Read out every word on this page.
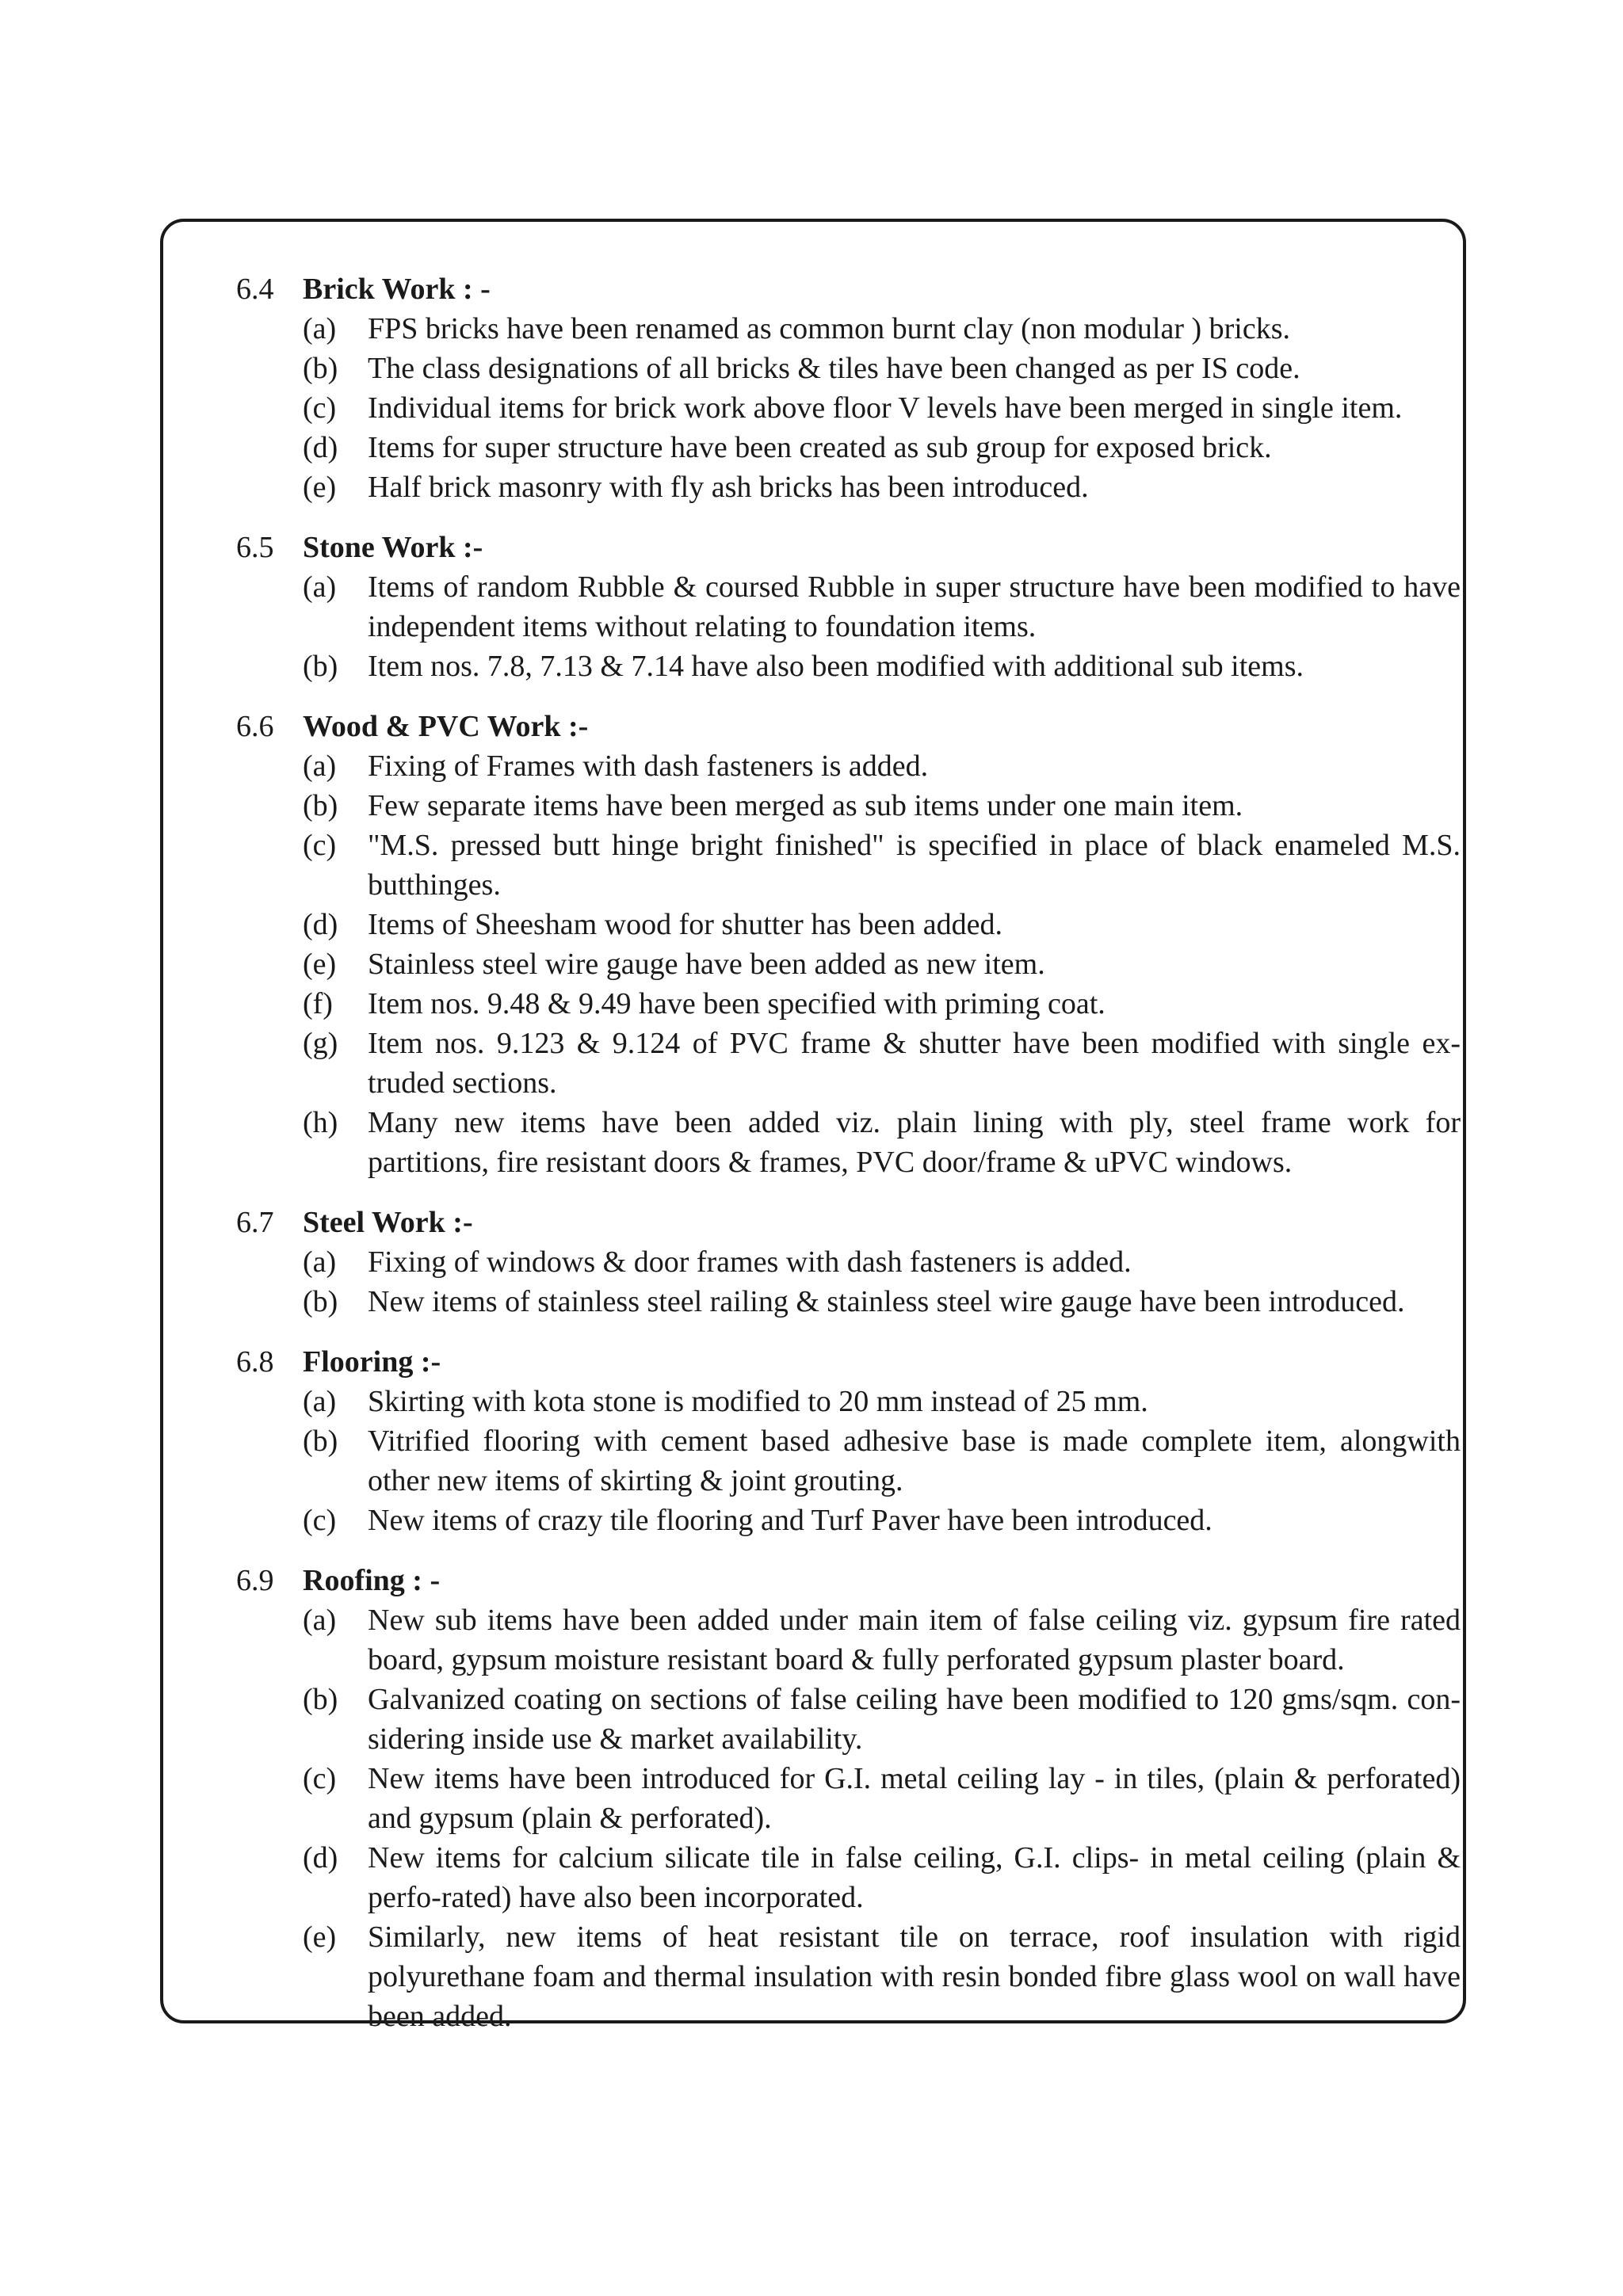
6.4 Brick Work : -
(a)	FPS bricks have been renamed as common burnt clay (non modular ) bricks.
(b) The class designations of all bricks & tiles have been changed as per IS code.
(c)	Individual items for brick work above floor V levels have been merged in single item.
(d) Items for super structure have been created as sub group for exposed brick.
(e)	Half brick masonry with fly ash bricks has been introduced.
6.5 Stone Work :-
(a)	Items of random Rubble & coursed Rubble in super structure have been modified to have independent items without relating to foundation items.
(b) Item nos. 7.8, 7.13 & 7.14 have also been modified with additional sub items.
6.6 Wood & PVC Work :-
(a)	Fixing of Frames with dash fasteners is added.
(b) Few separate items have been merged as sub items under one main item.
(c)	"M.S. pressed butt hinge bright finished" is specified in place of black enameled M.S. butthinges.
(d) Items of Sheesham wood for shutter has been added.
(e)	Stainless steel wire gauge have been added as new item.
(f)	Item nos. 9.48 & 9.49 have been specified with priming coat.
(g) Item nos. 9.123 & 9.124 of PVC frame & shutter have been modified with single ex-truded sections.
(h) Many new items have been added viz. plain lining with ply, steel frame work for partitions, fire resistant doors & frames, PVC door/frame & uPVC windows.
6.7 Steel Work :-
(a)	Fixing of windows & door frames with dash fasteners is added.
(b) New items of stainless steel railing & stainless steel wire gauge have been introduced.
6.8 Flooring :-
(a)	Skirting with kota stone is modified to 20 mm instead of 25 mm.
(b) Vitrified flooring with cement based adhesive base is made complete item, alongwith other new items of skirting & joint grouting.
(c)	New items of crazy tile flooring and Turf Paver have been introduced.
6.9 Roofing : -
(a)	New sub items have been added under main item of false ceiling viz. gypsum fire rated board, gypsum moisture resistant board & fully perforated gypsum plaster board.
(b) Galvanized coating on sections of false ceiling have been modified to 120 gms/sqm. con-sidering inside use & market availability.
(c)	New items have been introduced for G.I. metal ceiling lay - in tiles, (plain & perforated) and gypsum (plain & perforated).
(d) New items for calcium silicate tile in false ceiling, G.I. clips- in metal ceiling (plain & perfo-rated) have also been incorporated.
(e)	Similarly, new items of heat resistant tile on terrace, roof insulation with rigid polyurethane foam and thermal insulation with resin bonded fibre glass wool on wall have been added.
